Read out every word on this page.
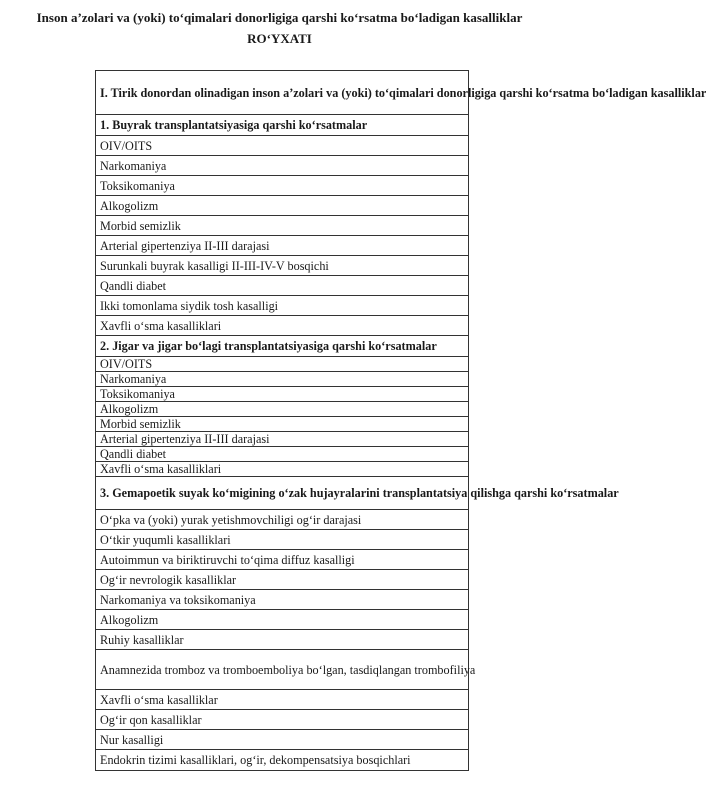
Inson a’zolari va (yoki) to‘qimalari donorligiga qarshi ko‘rsatma bo‘ladigan kasalliklar
RO‘YXATI
I. Tirik donordan olinadigan inson a’zolari va (yoki) to‘qimalari donorligiga qarshi ko‘rsatma bo‘ladigan kasalliklar
1. Buyrak transplantatsiyasiga qarshi ko‘rsatmalar
OIV/OITS
Narkomaniya
Toksikomaniya
Alkogolizm
Morbid semizlik
Arterial gipertenziya II-III darajasi
Surunkali buyrak kasalligi II-III-IV-V bosqichi
Qandli diabet
Ikki tomonlama siydik tosh kasalligi
Xavfli o‘sma kasalliklari
2. Jigar va jigar bo‘lagi transplantatsiyasiga qarshi ko‘rsatmalar
OIV/OITS
Narkomaniya
Toksikomaniya
Alkogolizm
Morbid semizlik
Arterial gipertenziya II-III darajasi
Qandli diabet
Xavfli o‘sma kasalliklari
3. Gemapoetik suyak ko‘migining o‘zak hujayralarini transplantatsiya qilishga qarshi ko‘rsatmalar
O‘pka va (yoki) yurak yetishmovchiligi og‘ir darajasi
O‘tkir yuqumli kasalliklari
Autoimmun va biriktiruvchi to‘qima diffuz kasalligi
Og‘ir nevrologik kasalliklar
Narkomaniya va toksikomaniya
Alkogolizm
Ruhiy kasalliklar
Anamnezida tromboz va tromboemboliya bo‘lgan, tasdiqlangan trombofiliya
Xavfli o‘sma kasalliklar
Og‘ir qon kasalliklar
Nur kasalligi
Endokrin tizimi kasalliklari, og‘ir, dekompensatsiya bosqichlari
